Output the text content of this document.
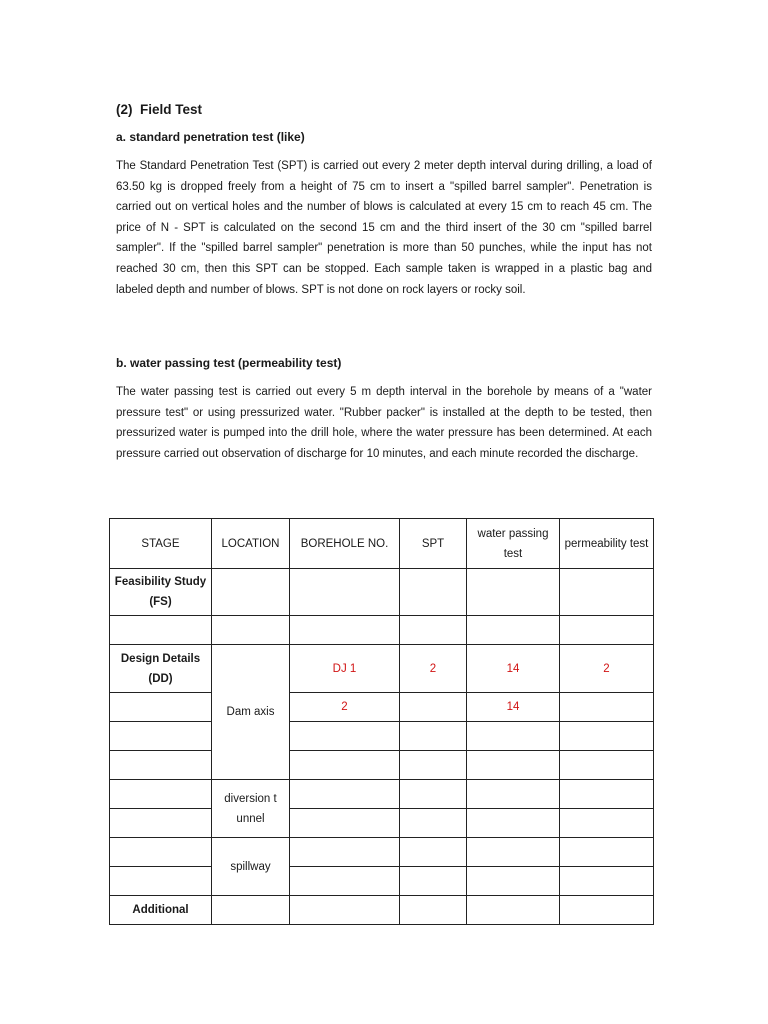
(2)  Field Test
a. standard penetration test (like)
The Standard Penetration Test (SPT) is carried out every 2 meter depth interval during drilling, a load of 63.50 kg is dropped freely from a height of 75 cm to insert a "spilled barrel sampler". Penetration is carried out on vertical holes and the number of blows is calculated at every 15 cm to reach 45 cm. The price of N - SPT is calculated on the second 15 cm and the third insert of the 30 cm "spilled barrel sampler". If the "spilled barrel sampler" penetration is more than 50 punches, while the input has not reached 30 cm, then this SPT can be stopped. Each sample taken is wrapped in a plastic bag and labeled depth and number of blows. SPT is not done on rock layers or rocky soil.
b. water passing test (permeability test)
The water passing test is carried out every 5 m depth interval in the borehole by means of a "water pressure test" or using pressurized water. "Rubber packer" is installed at the depth to be tested, then pressurized water is pumped into the drill hole, where the water pressure has been determined. At each pressure carried out observation of discharge for 10 minutes, and each minute recorded the discharge.
STAGE	LOCATION	BOREHOLE NO.	SPT	water passing test	permeability test
Feasibility Study (FS)					

Design Details (DD)	Dam axis	DJ 1	2	14	2
		2		14	

	diversion t unnel				

	spillway				

Additional					
